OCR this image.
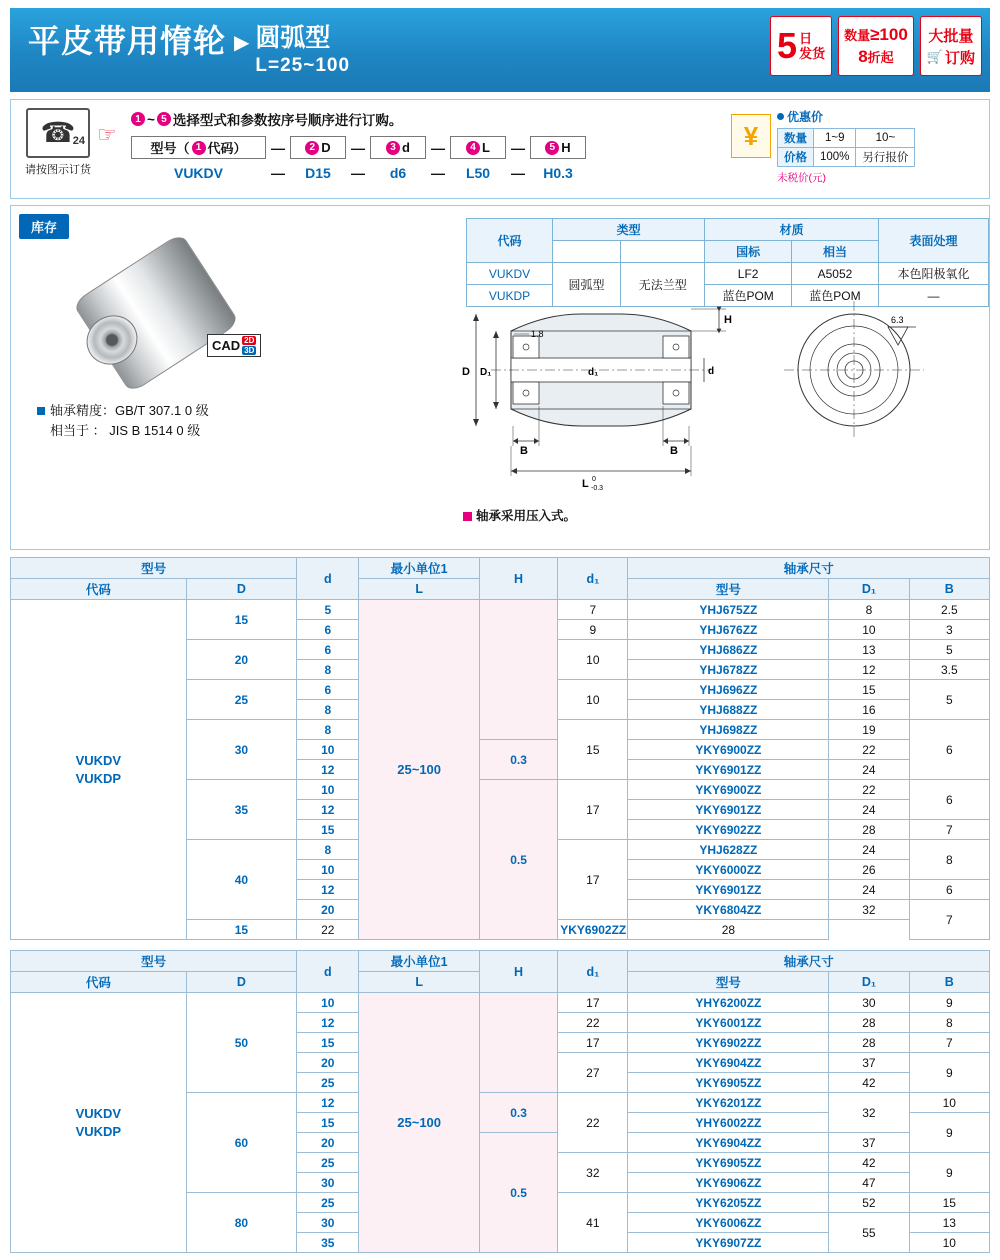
平皮带用惰轮 ▶ 圆弧型
L=25~100	5 日
发货
数量≥100
8折起
大批量
🛒 订购
☎
24
请按图示订货
☞
1 ~ 5 选择型式和参数按序号顺序进行订购。
型号（ 1 代码） —	2 D —	3 d —	4 L —	5 H
VUKDV	—	D15	—	d6	—	L50	—	H0.3
¥
优惠价
数量	1~9	10~
价格	100%	另行报价
未税价(元)
库存
CAD 2D
3D
轴承精度：GB/T 307.1 0 级
相当于 ： JIS B 1514 0 级
代码	类型		材质		表面处理
			国标	相当	
VUKDV	圆弧型	无法兰型	LF2	A5052	本色阳极氧化
VUKDP			蓝色POM	蓝色POM	—
H
D D₁	d₁	d
1.8
B	B
L 0
-0.3
6.3
轴承采用压入式。
型号		d	最小单位1	H	d₁	轴承尺寸		
代码	D		L			型号	D₁	B

VUKDV
VUKDP	15	5	25~100		7	YHJ675ZZ	8	2.5
		6			9	YHJ676ZZ	10	3
	20	6			10	YHJ686ZZ	13	5
		8				YHJ678ZZ	12	3.5
	25	6			10	YHJ696ZZ	15	5
		8				YHJ688ZZ	16	
	30	8			15	YHJ698ZZ	19	6
		10		0.3		YKY6900ZZ	22	
		12				YKY6901ZZ	24	
	35	10		0.5	17	YKY6900ZZ	22	6
		12				YKY6901ZZ	24	
		15				YKY6902ZZ	28	7
	40	8			17	YHJ628ZZ	24	8
		10				YKY6000ZZ	26	
		12				YKY6901ZZ	24	6
		20				YKY6804ZZ	32	7
	15	22			YKY6902ZZ	28		
型号		d	最小单位1	H	d₁	轴承尺寸		
代码	D		L			型号	D₁	B

VUKDV
VUKDP	50	10	25~100		17	YHY6200ZZ	30	9
		12			22	YKY6001ZZ	28	8
		15			17	YKY6902ZZ	28	7
		20			27	YKY6904ZZ	37	9
		25				YKY6905ZZ	42	
	60	12		0.3	22	YKY6201ZZ	32	10
		15				YHY6002ZZ		9
		20		0.5		YKY6904ZZ	37	
		25			32	YKY6905ZZ	42	9
		30				YKY6906ZZ	47	
	80	25			41	YKY6205ZZ	52	15
		30				YKY6006ZZ	55	13
		35				YKY6907ZZ		10
